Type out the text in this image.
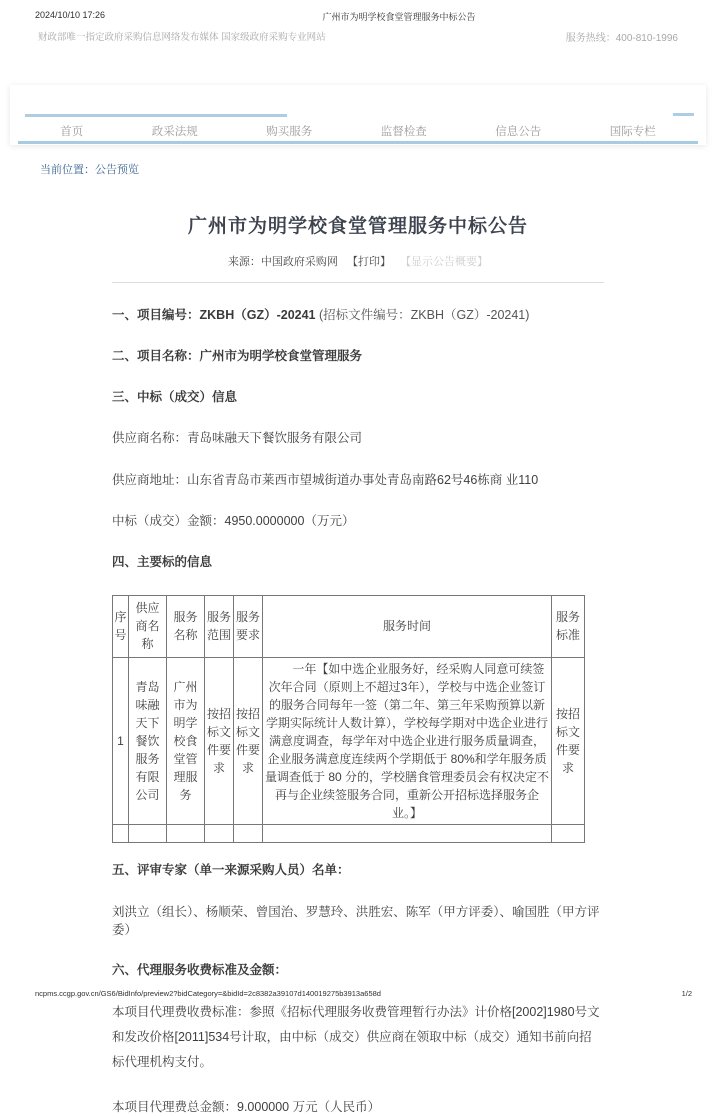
2024/10/10 17:26	广州市为明学校食堂管理服务中标公告
财政部唯一指定政府采购信息网络发布媒体 国家级政府采购专业网站	服务热线：400-810-1996
首页	政采法规	购买服务	监督检查	信息公告	国际专栏
当前位置：公告预览
广州市为明学校食堂管理服务中标公告
来源：中国政府采购网 【打印】 【显示公告概要】

一、项目编号：ZKBH（GZ）-20241 (招标文件编号：ZKBH（GZ）-20241)

二、项目名称：广州市为明学校食堂管理服务

三、中标（成交）信息

供应商名称：青岛味融天下餐饮服务有限公司

供应商地址：山东省青岛市莱西市望城街道办事处青岛南路62号46栋商 业110

中标（成交）金额：4950.0000000（万元）

四、主要标的信息

序号	供应商名称	服务名称	服务范围	服务要求	服务时间	服务标准
1	青岛味融天下餐饮服务有限公司	广州市为明学校食堂管理服务	按招标文件要求	按招标文件要求	一年【如中选企业服务好，经采购人同意可续签次年合同（原则上不超过3年），学校与中选企业签订的服务合同每年一签（第二年、第三年采购预算以新学期实际统计人数计算），学校每学期对中选企业进行满意度调查，每学年对中选企业进行服务质量调查，企业服务满意度连续两个学期低于 80%和学年服务质量调查低于 80 分的，学校膳食管理委员会有权决定不再与企业续签服务合同，重新公开招标选择服务企业。】	按招标文件要求

五、评审专家（单一来源采购人员）名单：

刘洪立（组长）、杨顺荣、曾国治、罗慧玲、洪胜宏、陈军（甲方评委）、喻国胜（甲方评委）

六、代理服务收费标准及金额：

本项目代理费收费标准：参照《招标代理服务收费管理暂行办法》计价格[2002]1980号文和发改价格[2011]534号计取，由中标（成交）供应商在领取中标（成交）通知书前向招标代理机构支付。

本项目代理费总金额：9.000000 万元（人民币）

ncpms.ccgp.gov.cn/GS6/BidInfo/preview2?bidCategory=&bidId=2c8382a39107d140019275b3913a658d	1/2
